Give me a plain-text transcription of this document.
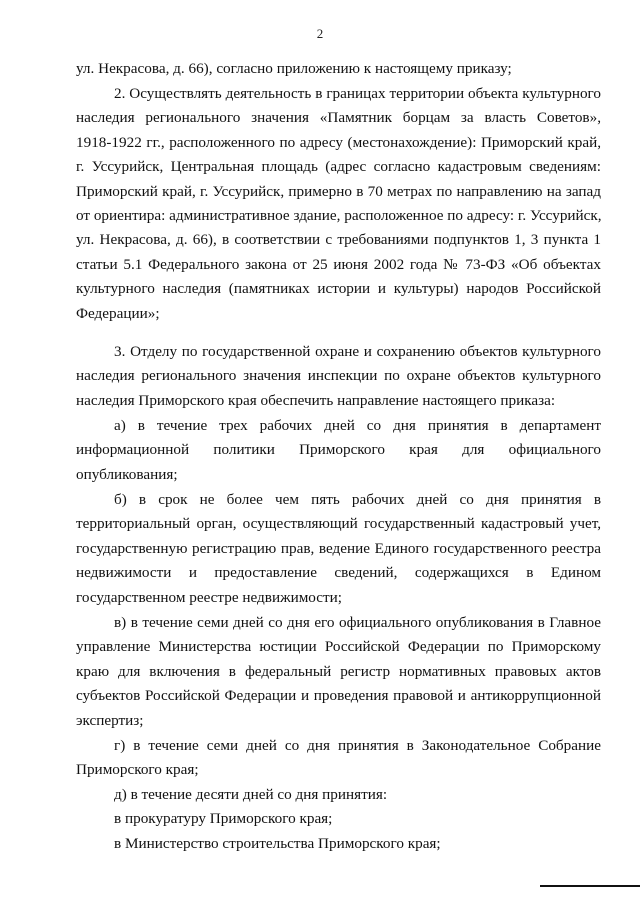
2
ул. Некрасова, д. 66), согласно приложению к настоящему приказу;
2. Осуществлять деятельность в границах территории объекта культурного
наследия регионального значения «Памятник борцам за власть Советов»,
1918-1922 гг., расположенного по адресу (местонахождение): Приморский край,
г. Уссурийск, Центральная площадь (адрес согласно кадастровым сведениям:
Приморский край, г. Уссурийск, примерно в 70 метрах по направлению на запад
от ориентира: административное здание, расположенное по адресу: г. Уссурийск,
ул. Некрасова, д. 66), в соответствии с требованиями подпунктов 1, 3 пункта 1
статьи 5.1 Федерального закона от 25 июня 2002 года № 73-ФЗ «Об объектах
культурного наследия (памятниках истории и культуры) народов Российской
Федерации»;
3. Отделу по государственной охране и сохранению объектов культурного
наследия регионального значения инспекции по охране объектов культурного
наследия Приморского края обеспечить направление настоящего приказа:
а) в течение трех рабочих дней со дня принятия в департамент
информационной политики Приморского края для официального
опубликования;
б) в срок не более чем пять рабочих дней со дня принятия в
территориальный орган, осуществляющий государственный кадастровый учет,
государственную регистрацию прав, ведение Единого государственного реестра
недвижимости и предоставление сведений, содержащихся в Едином
государственном реестре недвижимости;
в) в течение семи дней со дня его официального опубликования в Главное
управление Министерства юстиции Российской Федерации по Приморскому
краю для включения в федеральный регистр нормативных правовых актов
субъектов Российской Федерации и проведения правовой и антикоррупционной
экспертиз;
г) в течение семи дней со дня принятия в Законодательное Собрание
Приморского края;
д) в течение десяти дней со дня принятия:
в прокуратуру Приморского края;
в Министерство строительства Приморского края;
